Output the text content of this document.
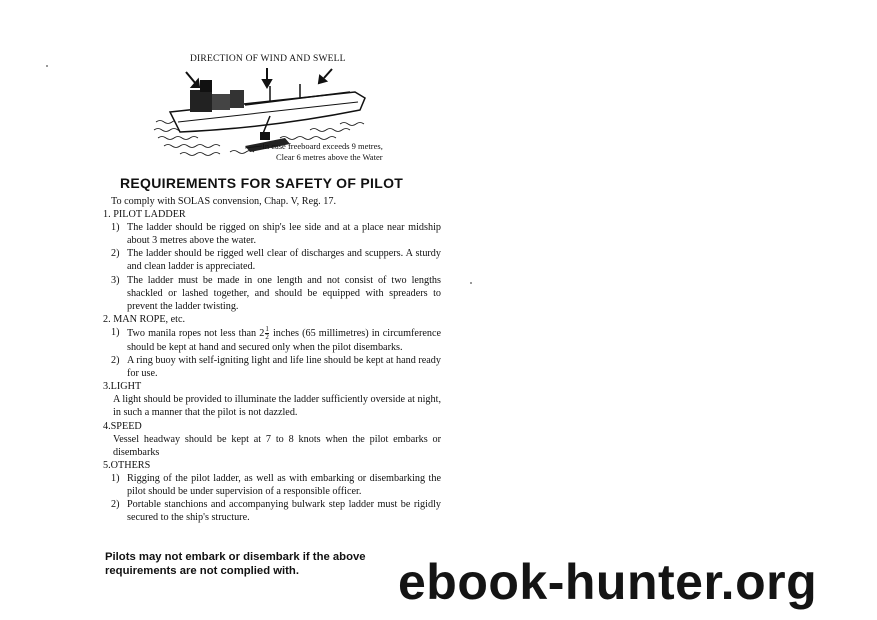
DIRECTION OF WIND AND SWELL
In case freeboard exceeds 9 metres,
Clear 6 metres above the Water
REQUIREMENTS FOR SAFETY OF PILOT
To comply with SOLAS convension, Chap. V, Reg. 17.
1. PILOT LADDER
1) The ladder should be rigged on ship's lee side and at a place near midship about 3 metres above the water.
2) The ladder should be rigged well clear of discharges and scuppers. A sturdy and clean ladder is appreciated.
3) The ladder must be made in one length and not consist of two lengths shackled or lashed together, and should be equipped with spreaders to prevent the ladder twisting.
2. MAN ROPE, etc.
1) Two manila ropes not less than $2 \frac{1}{2}$ inches (65 millimetres) in circumference should be kept at hand and secured only when the pilot disembarks.
2) A ring buoy with self-igniting light and life line should be kept at hand ready for use.
3.LIGHT
A light should be provided to illuminate the ladder sufficiently overside at night, in such a manner that the pilot is not dazzled.
4.SPEED
Vessel headway should be kept at 7 to 8 knots when the pilot embarks or disembarks
5.OTHERS
1) Rigging of the pilot ladder, as well as with embarking or disembarking the pilot should be under supervision of a responsible officer.
2) Portable stanchions and accompanying bulwark step ladder must be rigidly secured to the ship's structure.
Pilots may not embark or disembark if the above
requirements are not complied with.	ebook-hunter.org
